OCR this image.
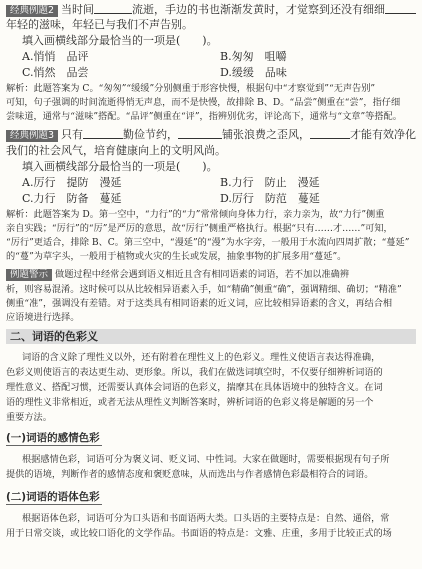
经典例题2 当时间	流逝，手边的书也渐渐发黄时，才觉察到还没有细细
年轻的滋味，年轻已与我们不声告别。
填入画横线部分最恰当的一项是(　　)。
A.悄悄　品评	B.匆匆　咀嚼
C.悄然　品尝	D.缓缓　品味
解析：此题答案为 C。“匆匆”“缓缓”分别侧重于形容快慢，根据句中“才察觉到”“无声告别”
可知，句子强调的时间流逝得悄无声息，而不是快慢，故排除 B、D。“品尝”侧重在“尝”，指仔细
尝味道，通常与“滋味”搭配。“品评”侧重在“评”，指辨别优劣，评论高下，通常与“文章”等搭配。
经典例题3 只有	勤俭节约，	铺张浪费之歪风，	才能有效净化
我们的社会风气，培育健康向上的文明风尚。
填入画横线部分最恰当的一项是(　　)。
A.厉行　提防　漫延	B.力行　防止　漫延
C.力行　防备　蔓延	D.厉行　防范　蔓延
解析：此题答案为 D。第一空中，“力行”的“力”常常倾向身体力行，亲力亲为，故“力行”侧重
亲自实践；“厉行”的“厉”是严厉的意思，故“厉行”侧重严格执行。根据“只有……才……”可知，
“厉行”更适合，排除 B、C。第三空中，“漫延”的“漫”为水字旁，一般用于水流向四周扩散；“蔓延”
的“蔓”为草字头，一般用于植物或火灾的生长或发展，抽象事物的扩展多用“蔓延”。
例题警示 做题过程中经常会遇到语义相近且含有相同语素的词语，若不加以准确辨
析，则容易混淆。这时候可以从比较相异语素入手，如“精确”侧重“确”，强调精细、确切；“精准”
侧重“准”，强调没有差错。对于这类具有相同语素的近义词，应比较相异语素的含义，再结合相
应语境进行选择。
二、词语的色彩义
词语的含义除了理性义以外，还有附着在理性义上的色彩义。理性义使语言表达得准确，
色彩义则使语言的表达更生动、更形象。所以，我们在做选词填空时，不仅要仔细辨析词语的
理性意义、搭配习惯，还需要认真体会词语的色彩义，揣摩其在具体语境中的独特含义。在词
语的理性义非常相近，或者无法从理性义判断答案时，辨析词语的色彩义将是解题的另一个
重要方法。
(一)词语的感情色彩
根据感情色彩，词语可分为褒义词、贬义词、中性词。大家在做题时，需要根据现有句子所
提供的语境，判断作者的感情态度和褒贬意味，从而选出与作者感情色彩最相符合的词语。
(二)词语的语体色彩
根据语体色彩，词语可分为口头语和书面语两大类。口头语的主要特点是：自然、通俗，常
用于日常交谈，或比较口语化的文学作品。书面语的特点是：文雅、庄重，多用于比较正式的场
